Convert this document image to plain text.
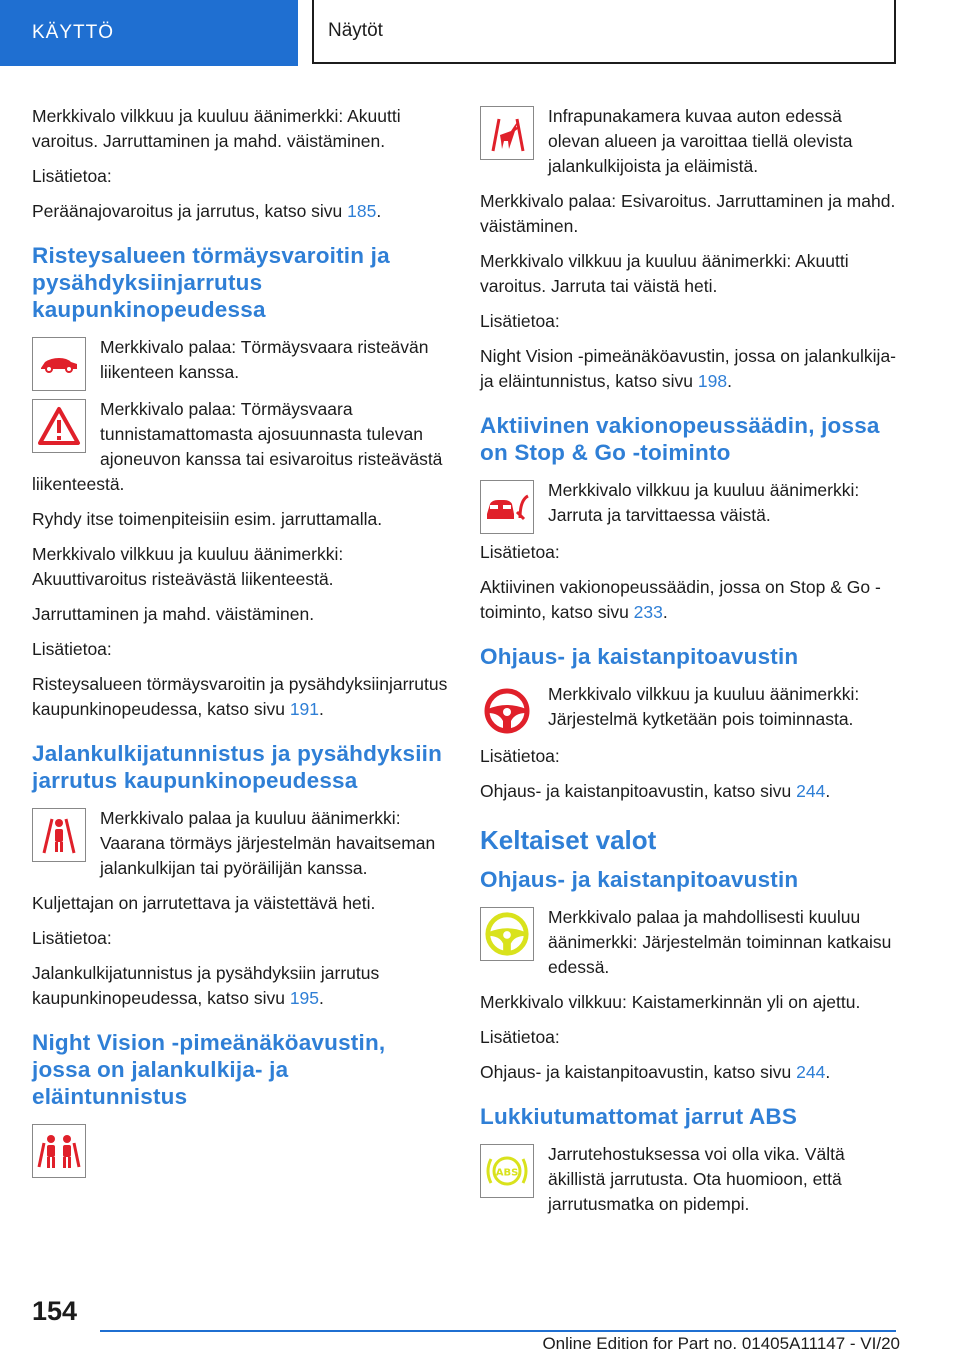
KÄYTTÖ	Näytöt

Merkkivalo vilkkuu ja kuuluu äänimerkki: Akuutti varoitus. Jarruttaminen ja mahd. väistäminen.

Lisätietoa:

Peräänajovaroitus ja jarrutus, katso sivu 185.

Risteysalueen törmäysvaroitin ja pysähdyksiinjarrutus kaupunkinopeudessa

Merkkivalo palaa: Törmäysvaara risteävän liikenteen kanssa.

Merkkivalo palaa: Törmäysvaara tunnistamattomasta ajosuunnasta tulevan ajoneuvon kanssa tai esivaroitus risteävästä liikenteestä.

Ryhdy itse toimenpiteisiin esim. jarruttamalla.

Merkkivalo vilkkuu ja kuuluu äänimerkki: Akuuttivaroitus risteävästä liikenteestä.

Jarruttaminen ja mahd. väistäminen.

Lisätietoa:

Risteysalueen törmäysvaroitin ja pysähdyksiinjarrutus kaupunkinopeudessa, katso sivu 191.

Jalankulkijatunnistus ja pysähdyksiin jarrutus kaupunkinopeudessa

Merkkivalo palaa ja kuuluu äänimerkki: Vaarana törmäys järjestelmän havaitseman jalankulkijan tai pyöräilijän kanssa.

Kuljettajan on jarrutettava ja väistettävä heti.

Lisätietoa:

Jalankulkijatunnistus ja pysähdyksiin jarrutus kaupunkinopeudessa, katso sivu 195.

Night Vision -pimeänäköavustin, jossa on jalankulkija- ja eläintunnistus

Infrapunakamera kuvaa auton edessä olevan alueen ja varoittaa tiellä olevista jalankulkijoista ja eläimistä.

Merkkivalo palaa: Esivaroitus. Jarruttaminen ja mahd. väistäminen.

Merkkivalo vilkkuu ja kuuluu äänimerkki: Akuutti varoitus. Jarruta tai väistä heti.

Lisätietoa:

Night Vision -pimeänäköavustin, jossa on jalankulkija- ja eläintunnistus, katso sivu 198.

Aktiivinen vakionopeussäädin, jossa on Stop & Go -toiminto

Merkkivalo vilkkuu ja kuuluu äänimerkki: Jarruta ja tarvittaessa väistä.

Lisätietoa:

Aktiivinen vakionopeussäädin, jossa on Stop & Go -toiminto, katso sivu 233.

Ohjaus- ja kaistanpitoavustin

Merkkivalo vilkkuu ja kuuluu äänimerkki: Järjestelmä kytketään pois toiminnasta.

Lisätietoa:

Ohjaus- ja kaistanpitoavustin, katso sivu 244.

Keltaiset valot
Ohjaus- ja kaistanpitoavustin

Merkkivalo palaa ja mahdollisesti kuuluu äänimerkki: Järjestelmän toiminnan katkaisu edessä.

Merkkivalo vilkkuu: Kaistamerkinnän yli on ajettu.

Lisätietoa:

Ohjaus- ja kaistanpitoavustin, katso sivu 244.

Lukkiutumattomat jarrut ABS
ABS

Jarrutehostuksessa voi olla vika. Vältä äkillistä jarrutusta. Ota huomioon, että jarrutusmatka on pidempi.

154
Online Edition for Part no. 01405A11147 - VI/20
